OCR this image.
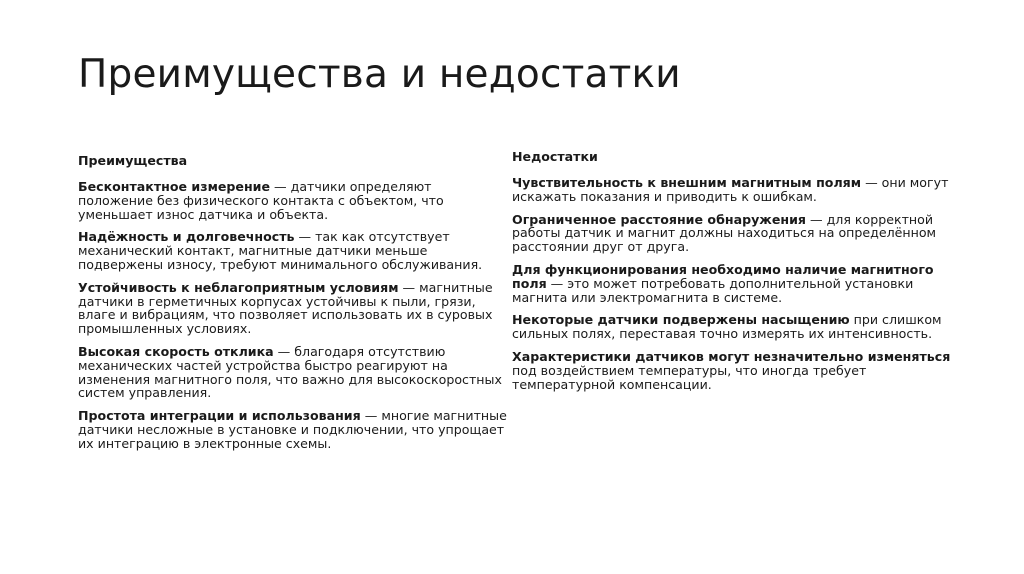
Преимущества и недостатки
Преимущества

Бесконтактное измерение — датчики определяют положение без физического контакта с объектом, что уменьшает износ датчика и объекта.

Надёжность и долговечность — так как отсутствует механический контакт, магнитные датчики меньше подвержены износу, требуют минимального обслуживания.

Устойчивость к неблагоприятным условиям — магнитные датчики в герметичных корпусах устойчивы к пыли, грязи, влаге и вибрациям, что позволяет использовать их в суровых промышленных условиях.

Высокая скорость отклика — благодаря отсутствию механических частей устройства быстро реагируют на изменения магнитного поля, что важно для высокоскоростных систем управления.

Простота интеграции и использования — многие магнитные датчики несложные в установке и подключении, что упрощает их интеграцию в электронные схемы.

Недостатки

Чувствительность к внешним магнитным полям — они могут искажать показания и приводить к ошибкам.

Ограниченное расстояние обнаружения — для корректной работы датчик и магнит должны находиться на определённом расстоянии друг от друга.

Для функционирования необходимо наличие магнитного поля — это может потребовать дополнительной установки магнита или электромагнита в системе.

Некоторые датчики подвержены насыщению при слишком сильных полях, переставая точно измерять их интенсивность.

Характеристики датчиков могут незначительно изменяться под воздействием температуры, что иногда требует температурной компенсации.
